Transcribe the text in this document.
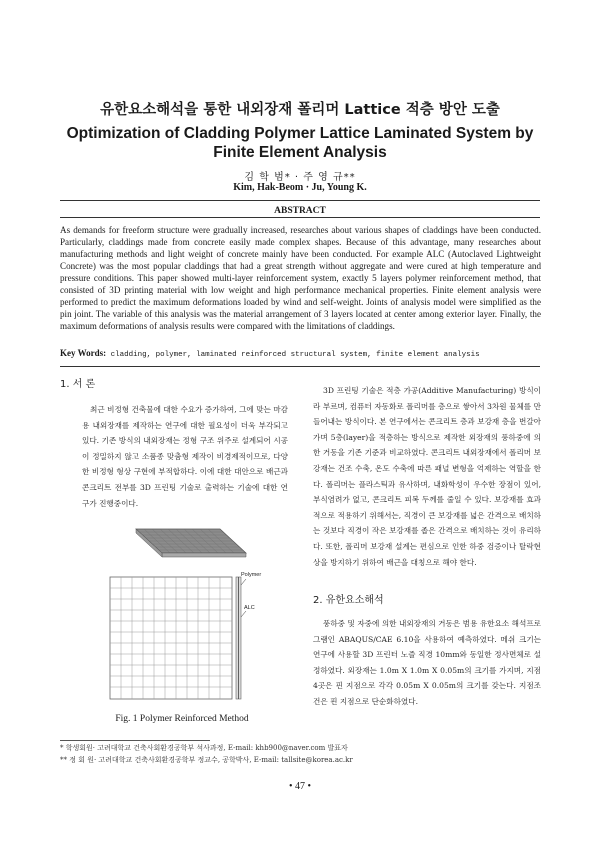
유한요소해석을 통한 내외장재 폴리머 Lattice 적층 방안 도출
Optimization of Cladding Polymer Lattice Laminated System by Finite Element Analysis
김 학 범* · 주 영 규**
Kim, Hak-Beom · Ju, Young K.
ABSTRACT
As demands for freeform structure were gradually increased, researches about various shapes of claddings have been conducted. Particularly, claddings made from concrete easily made complex shapes. Because of this advantage, many researches about manufacturing methods and light weight of concrete mainly have been conducted. For example ALC (Autoclaved Lightweight Concrete) was the most popular claddings that had a great strength without aggregate and were cured at high temperature and pressure conditions. This paper showed multi-layer reinforcement system, exactly 5 layers polymer reinforcement method, that consisted of 3D printing material with low weight and high performance mechanical properties. Finite element analysis were performed to predict the maximum deformations loaded by wind and self-weight. Joints of analysis model were simplified as the pin joint. The variable of this analysis was the material arrangement of 3 layers located at center among exterior layer. Finally, the maximum deformations of analysis results were compared with the limitations of claddings.
Key Words: cladding, polymer, laminated reinforced structural system, finite element analysis
1. 서 론
최근 비정형 건축물에 대한 수요가 증가하여, 그에 맞는 마감용 내외장재를 제작하는 연구에 대한 필요성이 더욱 부각되고 있다. 기존 방식의 내외장재는 정형 구조 위주로 설계되어 시공이 정밀하지 않고 소품종 맞춤형 제작이 비경제적이므로, 다양한 비정형 형상 구현에 부적합하다. 이에 대한 대안으로 배근과 콘크리트 전부를 3D 프린팅 기술로 출력하는 기술에 대한 연구가 진행중이다.
Polymer
ALC
Fig. 1 Polymer Reinforced Method
3D 프린팅 기술은 적층 가공(Additive Manufacturing) 방식이라 부르며, 컴퓨터 자동화로 폴리머를 층으로 쌓아서 3차원 물체를 만들어내는 방식이다. 본 연구에서는 콘크리트 층과 보강재 층을 번갈아가며 5층(layer)을 적층하는 방식으로 제작한 외장재의 풍하중에 의한 거동을 기존 기준과 비교하였다. 콘크리트 내외장재에서 폴리머 보강재는 건조 수축, 온도 수축에 따른 패널 변형을 억제하는 역할을 한다. 폴리머는 플라스틱과 유사하며, 내화학성이 우수한 장점이 있어, 부식염려가 없고, 콘크리트 피복 두께를 줄일 수 있다. 보강재를 효과적으로 적용하기 위해서는, 직경이 큰 보강재를 넓은 간격으로 배치하는 것보다 직경이 작은 보강재를 좁은 간격으로 배치하는 것이 유리하다. 또한, 폴리머 보강재 설계는 편심으로 인한 하중 검증이나 탈락현상을 방지하기 위하여 배근을 대칭으로 해야 한다.
2. 유한요소해석
풍하중 및 자중에 의한 내외장재의 거동은 범용 유한요소 해석프로그램인 ABAQUS/CAE 6.10을 사용하여 예측하였다. 메쉬 크기는 연구에 사용할 3D 프린터 노즐 직경 10mm와 동일한 정사면체로 설정하였다. 외장재는 1.0m X 1.0m X 0.05m의 크기를 가지며, 지점 4곳은 핀 지점으로 각각 0.05m X 0.05m의 크기를 갖는다. 지점조건은 핀 지점으로 단순화하였다.
* 학생회원· 고려대학교 건축사회환경공학부 석사과정, E-mail: khb900@naver.com 발표자
** 정 회 원· 고려대학교 건축사회환경공학부 정교수, 공학박사, E-mail: tallsite@korea.ac.kr
• 47 •
